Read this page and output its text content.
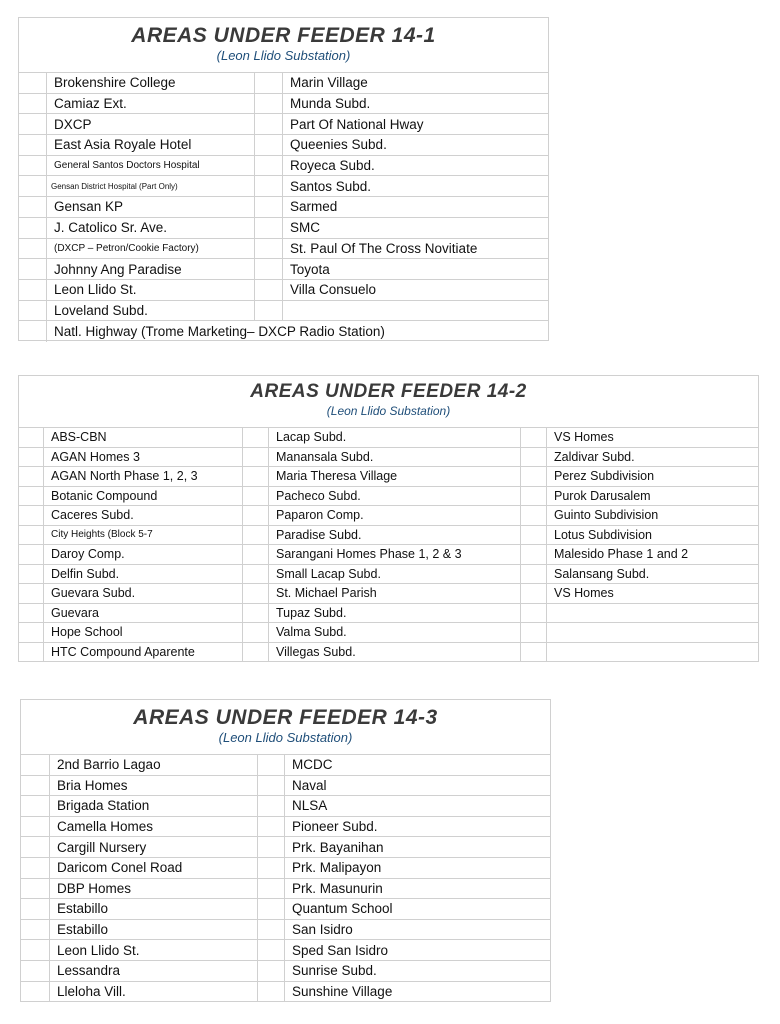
AREAS UNDER FEEDER 14-1
(Leon Llido Substation)
Brokenshire College	Marin Village
Camiaz Ext.	Munda Subd.
DXCP	Part Of National Hway
East Asia Royale Hotel	Queenies Subd.
General Santos Doctors Hospital	Royeca Subd.
Gensan District Hospital (Part Only)	Santos Subd.
Gensan KP	Sarmed
J. Catolico Sr. Ave.	SMC
(DXCP – Petron/Cookie Factory)	St. Paul Of The Cross Novitiate
Johnny Ang Paradise	Toyota
Leon Llido St.	Villa Consuelo
Loveland Subd.
Natl. Highway (Trome Marketing– DXCP Radio Station)
AREAS UNDER FEEDER 14-2
(Leon Llido Substation)
ABS-CBN	Lacap Subd.	VS Homes
AGAN Homes 3	Manansala Subd.	Zaldivar Subd.
AGAN North Phase 1, 2, 3	Maria Theresa Village	Perez Subdivision
Botanic Compound	Pacheco Subd.	Purok Darusalem
Caceres Subd.	Paparon Comp.	Guinto Subdivision
City Heights (Block 5-7	Paradise Subd.	Lotus Subdivision
Daroy Comp.	Sarangani Homes Phase 1, 2 & 3	Malesido Phase 1 and 2
Delfin Subd.	Small Lacap Subd.	Salansang Subd.
Guevara Subd.	St. Michael Parish	VS Homes
Guevara	Tupaz Subd.
Hope School	Valma Subd.
HTC Compound Aparente	Villegas Subd.
AREAS UNDER FEEDER 14-3
(Leon Llido Substation)
2nd Barrio Lagao	MCDC
Bria Homes	Naval
Brigada Station	NLSA
Camella Homes	Pioneer Subd.
Cargill Nursery	Prk. Bayanihan
Daricom Conel Road	Prk. Malipayon
DBP Homes	Prk. Masunurin
Estabillo	Quantum School
Estabillo	San Isidro
Leon Llido St.	Sped San Isidro
Lessandra	Sunrise Subd.
Lleloha Vill.	Sunshine Village
